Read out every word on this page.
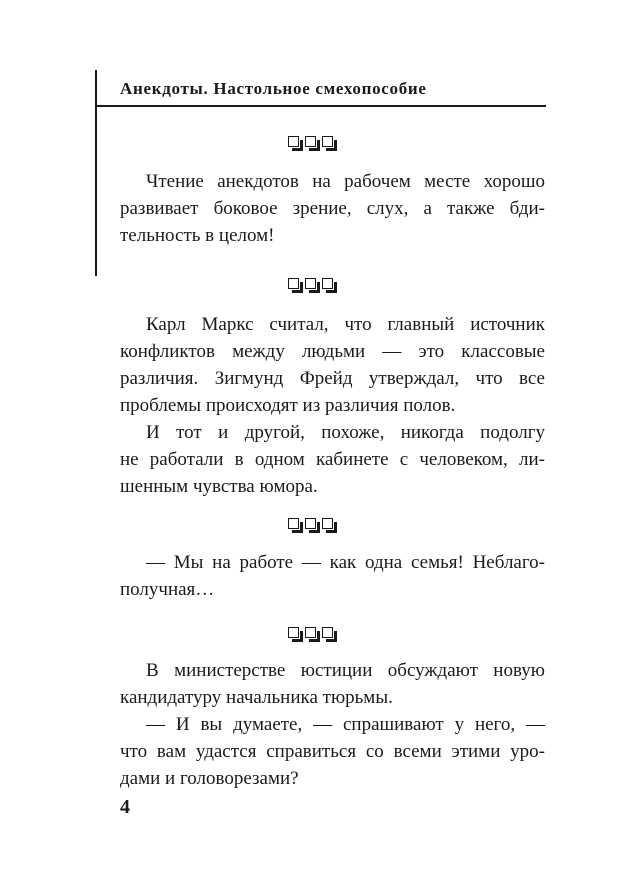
Анекдоты. Настольное смехопособие
Чтение анекдотов на рабочем месте хорошо
развивает боковое зрение, слух, а также бди-
тельность в целом!
Карл Маркс считал, что главный источник
конфликтов между людьми — это классовые
различия. Зигмунд Фрейд утверждал, что все
проблемы происходят из различия полов.
И тот и другой, похоже, никогда подолгу
не работали в одном кабинете с человеком, ли-
шенным чувства юмора.
— Мы на работе — как одна семья! Неблаго-
получная…
В министерстве юстиции обсуждают новую
кандидатуру начальника тюрьмы.
— И вы думаете, — спрашивают у него, —
что вам удастся справиться со всеми этими уро-
дами и головорезами?
4
